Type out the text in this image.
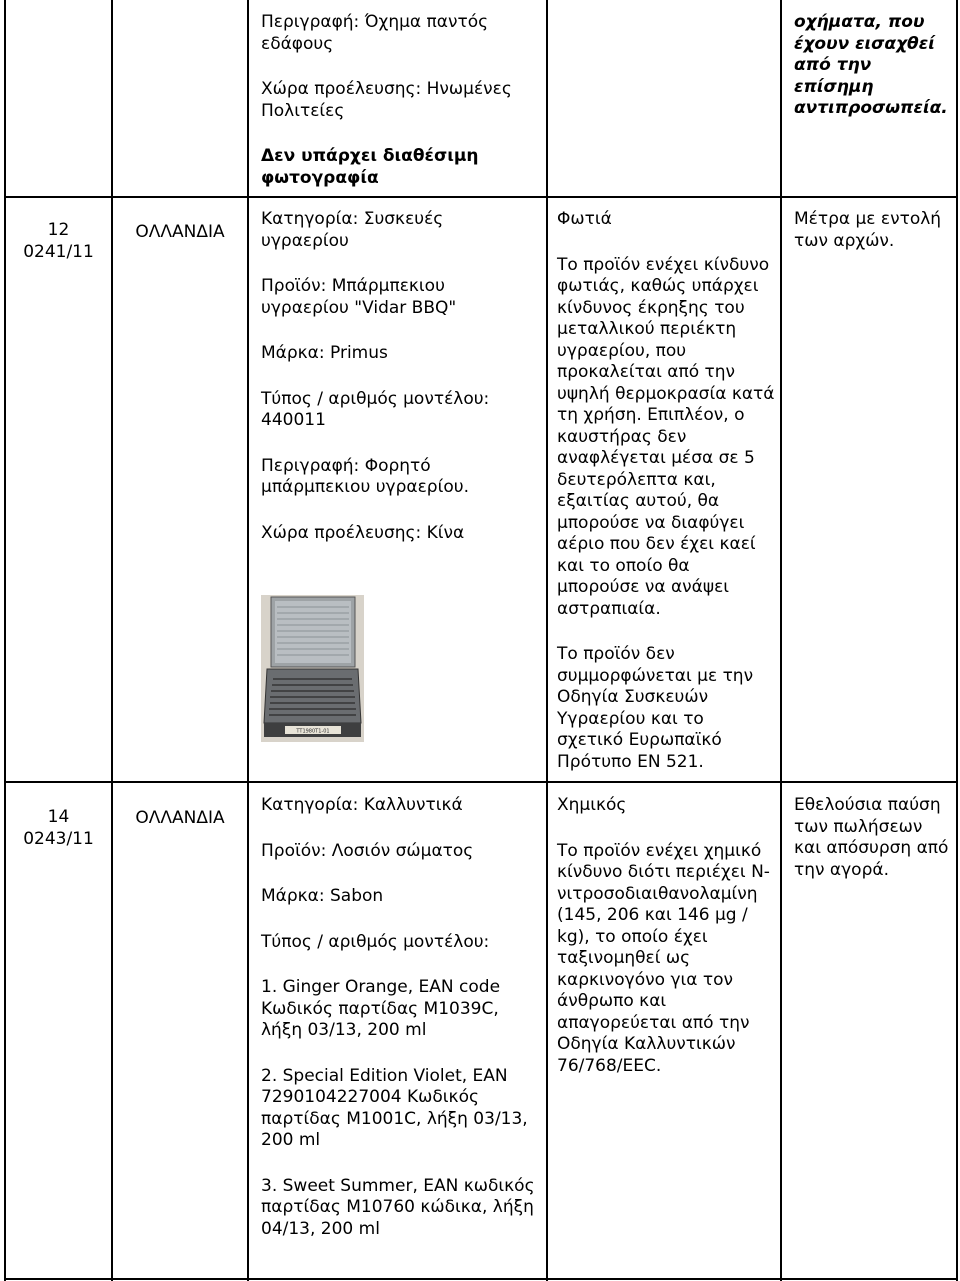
Περιγραφή: Όχημα παντός εδάφους
Χώρα προέλευσης: Ηνωμένες Πολιτείες
Δεν υπάρχει διαθέσιμη φωτογραφία
οχήματα, που έχουν εισαχθεί από την επίσημη αντιπροσωπεία.
12
0241/11
ΟΛΛΑΝΔΙΑ
Κατηγορία: Συσκευές υγραερίου
Προϊόν: Μπάρμπεκιου υγραερίου "Vidar BBQ"
Μάρκα: Primus
Τύπος / αριθμός μοντέλου: 440011
Περιγραφή: Φορητό μπάρμπεκιου υγραερίου.
Χώρα προέλευσης: Κίνα
TT1980T1-01
Φωτιά
Το προϊόν ενέχει κίνδυνο φωτιάς, καθώς υπάρχει κίνδυνος έκρηξης του μεταλλικού περιέκτη υγραερίου, που προκαλείται από την υψηλή θερμοκρασία κατά τη χρήση. Επιπλέον, ο καυστήρας δεν αναφλέγεται μέσα σε 5 δευτερόλεπτα και, εξαιτίας αυτού, θα μπορούσε να διαφύγει αέριο που δεν έχει καεί και το οποίο θα μπορούσε να ανάψει αστραπιαία.
Το προϊόν δεν συμμορφώνεται με την Οδηγία Συσκευών Υγραερίου και το σχετικό Ευρωπαϊκό Πρότυπο ΕΝ 521.
Μέτρα με εντολή των αρχών.
14
0243/11
ΟΛΛΑΝΔΙΑ
Κατηγορία: Καλλυντικά
Προϊόν: Λοσιόν σώματος
Μάρκα: Sabon
Τύπος / αριθμός μοντέλου:
1. Ginger Orange, EAN code Κωδικός παρτίδας M1039C, λήξη 03/13, 200 ml
2. Special Edition Violet, EAN 7290104227004 Κωδικός παρτίδας M1001C, λήξη 03/13, 200 ml
3. Sweet Summer, EAN κωδικός παρτίδας M10760 κώδικα, λήξη 04/13, 200 ml
Χημικός
Το προϊόν ενέχει χημικό κίνδυνο διότι περιέχει N-νιτροσοδιαιθανολαμίνη (145, 206 και 146 μg / kg), το οποίο έχει ταξινομηθεί ως καρκινογόνο για τον άνθρωπο και απαγορεύεται από την Οδηγία Καλλυντικών 76/768/ΕΕC.
Εθελούσια παύση των πωλήσεων και απόσυρση από την αγορά.
